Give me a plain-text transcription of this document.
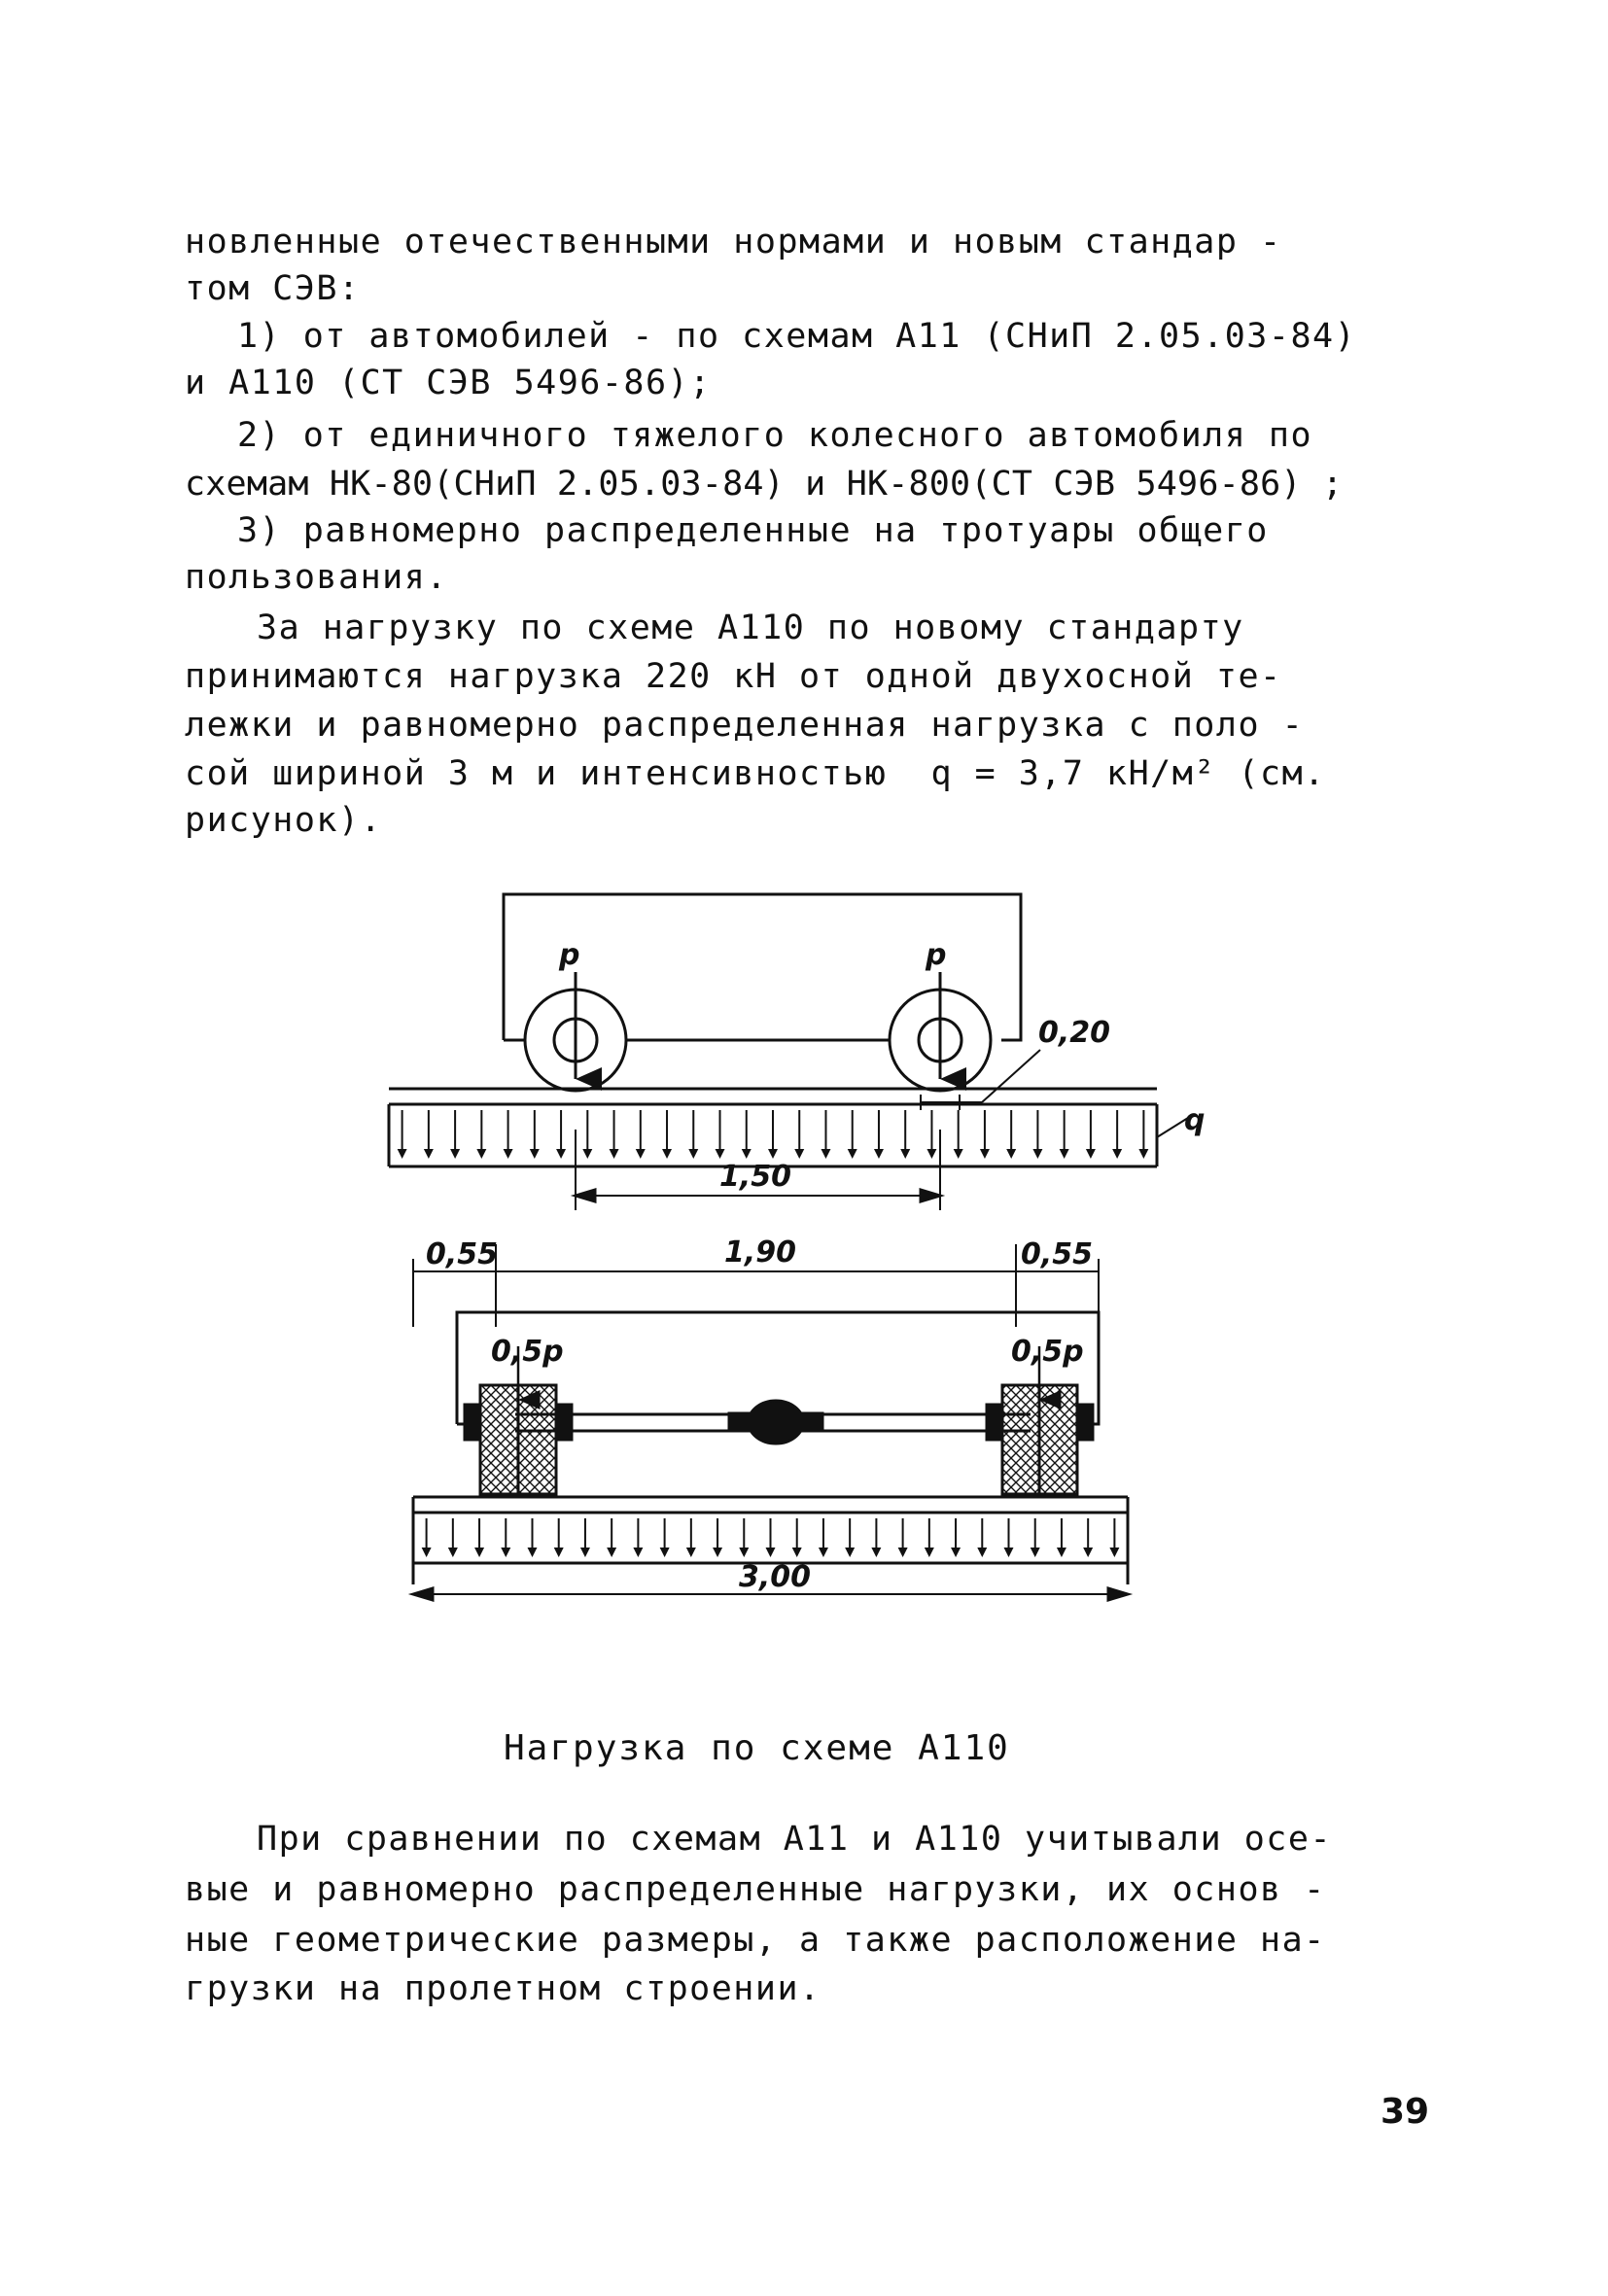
новленные отечественными нормами и новым стандар -
том СЭВ:
1) от автомобилей - по схемам А11 (СНиП 2.05.03-84)
и А110 (СТ СЭВ 5496-86);
2) от единичного тяжелого колесного автомобиля по
схемам НК-80(СНиП 2.05.03-84) и НК-800(СТ СЭВ 5496-86) ;
3) равномерно распределенные на тротуары общего
пользования.
За нагрузку по схеме А110 по новому стандарту
принимаются нагрузка 220 кН от одной двухосной те-
лежки и равномерно распределенная нагрузка с поло -
сой шириной 3 м и интенсивностью  q = 3,7 кН/м² (см.
рисунок).
p	p
0,20
q
1,50
0,55	1,90	0,55
0,5p	0,5p
3,00
Нагрузка по схеме А110
При сравнении по схемам А11 и А110 учитывали осе-
вые и равномерно распределенные нагрузки, их основ -
ные геометрические размеры, а также расположение на-
грузки на пролетном строении.
39
